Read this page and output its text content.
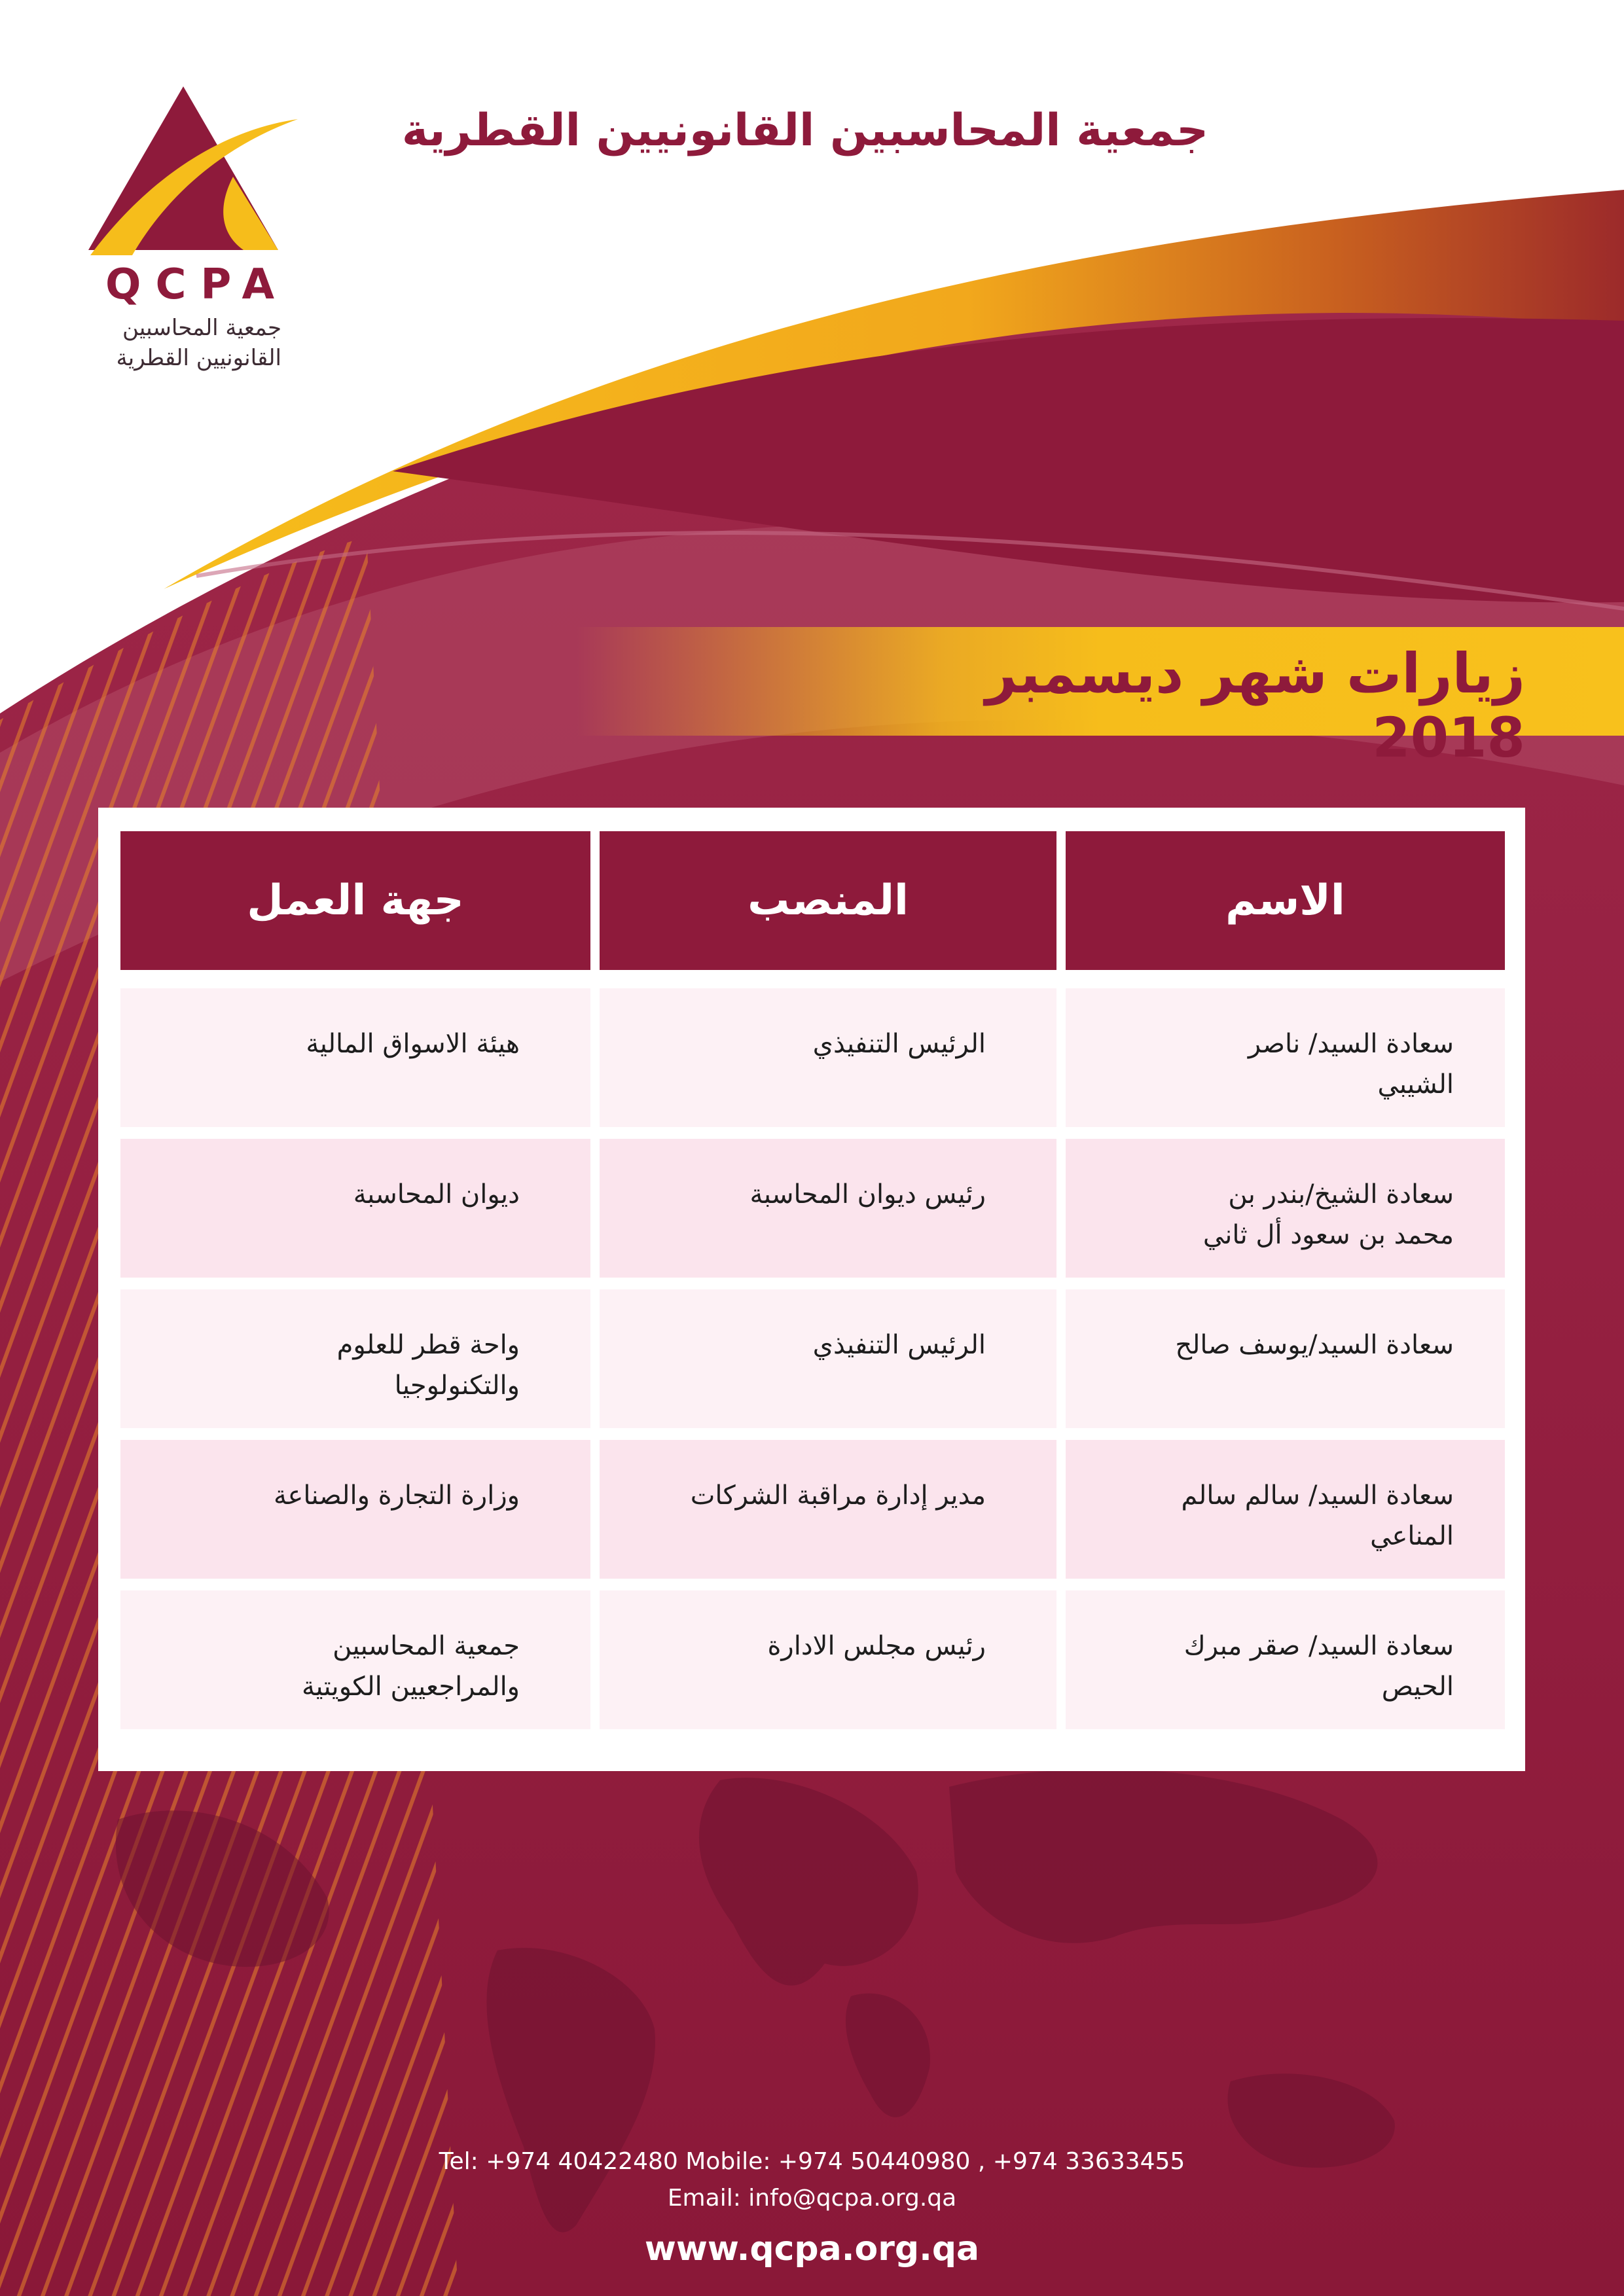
QCPA
جمعية المحاسبين
القانونيين القطرية
جمعية المحاسبين القانونيين القطرية
زيارات شهر ديسمبر 2018
الاسم
المنصب
جهة العمل
سعادة السيد/ ناصر
الشيبي
الرئيس التنفيذي
هيئة الاسواق المالية
سعادة الشيخ/بندر بن
محمد بن سعود أل ثاني
رئيس ديوان المحاسبة
ديوان المحاسبة
سعادة السيد/يوسف صالح
الرئيس التنفيذي
واحة قطر للعلوم
والتكنولوجيا
سعادة السيد/ سالم سالم
المناعي
مدير إدارة مراقبة الشركات
وزارة التجارة والصناعة
سعادة السيد/ صقر مبرك
الحيص
رئيس مجلس الادارة
جمعية المحاسبين
والمراجعيين الكويتية
Tel: +974 40422480 Mobile: +974 50440980 , +974 33633455
Email: info@qcpa.org.qa
www.qcpa.org.qa
